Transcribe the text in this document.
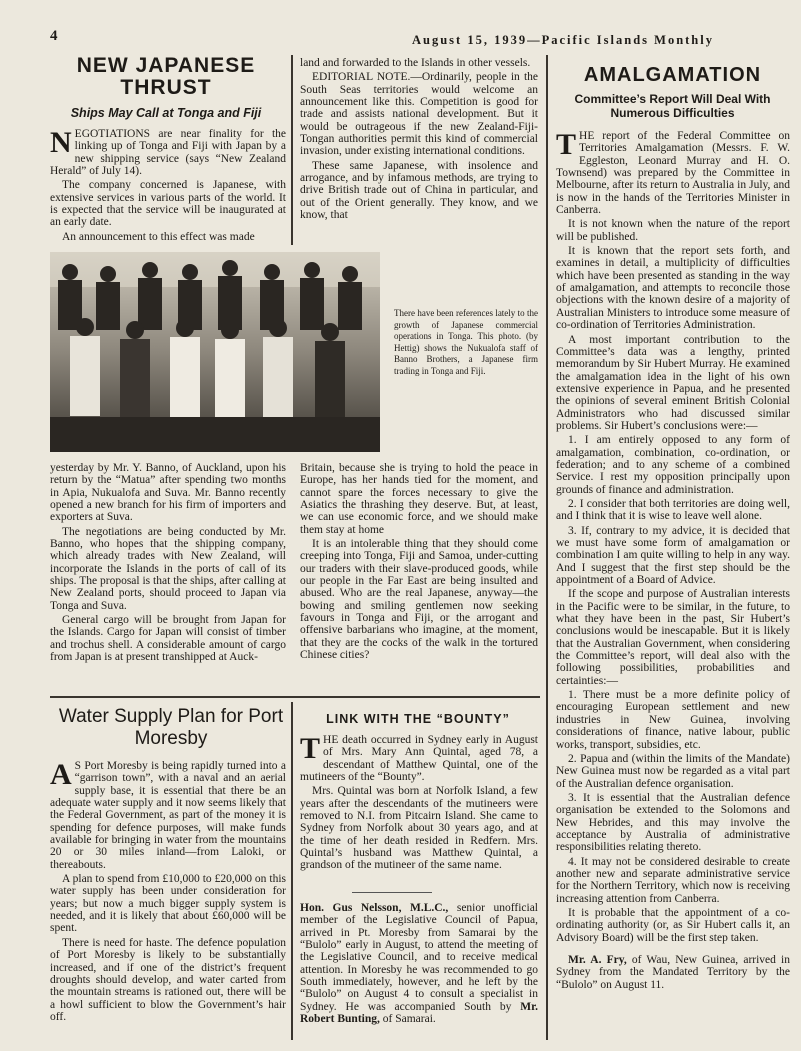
4	August 15, 1939—Pacific Islands Monthly
NEW JAPANESE THRUST
Ships May Call at Tonga and Fiji

NEGOTIATIONS are near finality for the linking up of Tonga and Fiji with Japan by a new shipping service (says “New Zealand Herald” of July 14).

The company concerned is Japanese, with extensive services in various parts of the world. It is expected that the service will be inaugurated at an early date.

An announcement to this effect was made

land and forwarded to the Islands in other vessels.

EDITORIAL NOTE.—Ordinarily, people in the South Seas territories would welcome an announcement like this. Competition is good for trade and assists national development. But it would be outrageous if the new Zealand-Fiji-Tongan authorities permit this kind of commercial invasion, under existing international conditions.

These same Japanese, with insolence and arrogance, and by infamous methods, are trying to drive British trade out of China in particular, and out of the Orient generally. They know, and we know, that

There have been references lately to the growth of Japanese commercial operations in Tonga. This photo. (by Hettig) shows the Nukualofa staff of Banno Brothers, a Japanese firm trading in Tonga and Fiji.

yesterday by Mr. Y. Banno, of Auckland, upon his return by the “Matua” after spending two months in Apia, Nukualofa and Suva. Mr. Banno recently opened a new branch for his firm of importers and exporters at Suva.

The negotiations are being conducted by Mr. Banno, who hopes that the shipping company, which already trades with New Zealand, will incorporate the Islands in the ports of call of its ships. The proposal is that the ships, after calling at New Zealand ports, should proceed to Japan via Tonga and Suva.

General cargo will be brought from Japan for the Islands. Cargo for Japan will consist of timber and trochus shell. A considerable amount of cargo from Japan is at present transhipped at Auck-

Britain, because she is trying to hold the peace in Europe, has her hands tied for the moment, and cannot spare the forces necessary to give the Asiatics the thrashing they deserve. But, at least, we can use economic force, and we should make them stay at home

It is an intolerable thing that they should come creeping into Tonga, Fiji and Samoa, under-cutting our traders with their slave-produced goods, while our people in the Far East are being insulted and abused. Who are the real Japanese, anyway—the bowing and smiling gentlemen now seeking favours in Tonga and Fiji, or the arrogant and offensive barbarians who imagine, at the moment, that they are the cocks of the walk in the tortured Chinese cities?

AMALGAMATION
Committee’s Report Will Deal With Numerous Difficulties

THE report of the Federal Committee on Territories Amalgamation (Messrs. F. W. Eggleston, Leonard Murray and H. O. Townsend) was prepared by the Committee in Melbourne, after its return to Australia in July, and is now in the hands of the Territories Minister in Canberra.

It is not known when the nature of the report will be published.

It is known that the report sets forth, and examines in detail, a multiplicity of difficulties which have been presented as standing in the way of amalgamation, and attempts to reconcile those objections with the known desire of a majority of Australian Ministers to introduce some measure of co-ordination of Territories Administration.

A most important contribution to the Committee’s data was a lengthy, printed memorandum by Sir Hubert Murray. He examined the amalgamation idea in the light of his own extensive experience in Papua, and he presented the opinions of several eminent British Colonial Administrators who had discussed similar problems. Sir Hubert’s conclusions were:—

1. I am entirely opposed to any form of amalgamation, combination, co-ordination, or federation; and to any scheme of a combined Service. I rest my opposition principally upon grounds of finance and administration.

2. I consider that both territories are doing well, and I think that it is wise to leave well alone.

3. If, contrary to my advice, it is decided that we must have some form of amalgamation or combination I am quite willing to help in any way. And I suggest that the first step should be the appointment of a Board of Advice.

If the scope and purpose of Australian interests in the Pacific were to be similar, in the future, to what they have been in the past, Sir Hubert’s conclusions would be inescapable. But it is likely that the Australian Government, when considering the Committee’s report, will deal also with the following possibilities, probabilities and certainties:—

1. There must be a more definite policy of encouraging European settlement and new industries in New Guinea, involving considerations of finance, native labour, public works, transport, subsidies, etc.

2. Papua and (within the limits of the Mandate) New Guinea must now be regarded as a vital part of the Australian defence organisation.

3. It is essential that the Australian defence organisation be extended to the Solomons and New Hebrides, and this may involve the acceptance by Australia of administrative responsibilities relating thereto.

4. It may not be considered desirable to create another new and separate administrative service for the Northern Territory, which now is receiving increasing attention from Canberra.

It is probable that the appointment of a co-ordinating authority (or, as Sir Hubert calls it, an Advisory Board) will be the first step taken.

Mr. A. Fry, of Wau, New Guinea, arrived in Sydney from the Mandated Territory by the “Bulolo” on August 11.

Water Supply Plan for Port Moresby

A S Port Moresby is being rapidly turned into a “garrison town”, with a naval and an aerial supply base, it is essential that there be an adequate water supply and it now seems likely that the Federal Government, as part of the money it is spending for defence purposes, will make funds available for bringing in water from the mountains 20 or 30 miles inland—from Laloki, or thereabouts.

A plan to spend from £10,000 to £20,000 on this water supply has been under consideration for years; but now a much bigger supply system is needed, and it is likely that about £60,000 will be spent.

There is need for haste. The defence population of Port Moresby is likely to be substantially increased, and if one of the district’s frequent droughts should develop, and water carted from the mountain streams is rationed out, there will be a howl sufficient to blow the Government’s hair off.

LINK WITH THE “BOUNTY”

THE death occurred in Sydney early in August of Mrs. Mary Ann Quintal, aged 78, a descendant of Matthew Quintal, one of the mutineers of the “Bounty”.

Mrs. Quintal was born at Norfolk Island, a few years after the descendants of the mutineers were removed to N.I. from Pitcairn Island. She came to Sydney from Norfolk about 30 years ago, and at the time of her death resided in Redfern. Mrs. Quintal’s husband was Matthew Quintal, a grandson of the mutineer of the same name.

Hon. Gus Nelsson, M.L.C., senior unofficial member of the Legislative Council of Papua, arrived in Pt. Moresby from Samarai by the “Bulolo” early in August, to attend the meeting of the Legislative Council, and to receive medical attention. In Moresby he was recommended to go South immediately, however, and he left by the “Bulolo” on August 4 to consult a specialist in Sydney. He was accompanied South by Mr. Robert Bunting, of Samarai.
